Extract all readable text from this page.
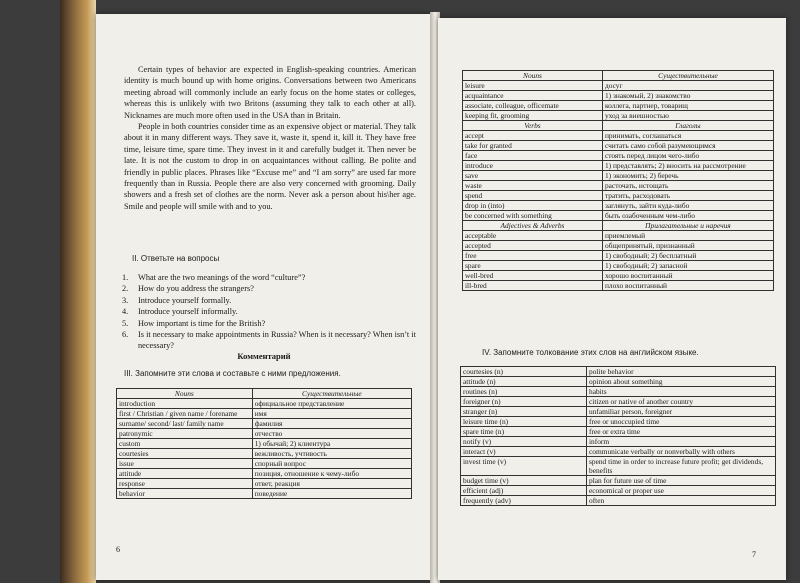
Certain types of behavior are expected in English-speaking countries. American identity is much bound up with home origins. Conversations between two Americans meeting abroad will commonly include an early focus on the home states or colleges, whereas this is unlikely with two Britons (assuming they talk to each other at all). Nicknames are much more often used in the USA than in Britain.

People in both countries consider time as an expensive object or material. They talk about it in many different ways. They save it, waste it, spend it, kill it. They have free time, leisure time, spare time. They invest in it and carefully budget it. Then never be late. It is not the custom to drop in on acquaintances without calling. Be polite and friendly in public places. Phrases like “Excuse me” and “I am sorry” are used far more frequently than in Russia. People there are also very concerned with grooming. Daily showers and a fresh set of clothes are the norm. Never ask a person about his\her age. Smile and people will smile with and to you.

II. Ответьте на вопросы
1.	What are the two meanings of the word “culture”?
2.	How do you address the strangers?
3.	Introduce yourself formally.
4.	Introduce yourself informally.
5.	How important is time for the British?
6.	Is it necessary to make appointments in Russia? When is it necessary? When isn’t it necessary?
Комментарий
III. Запомните эти слова и составьте с ними предложения.
Nouns	Существительные
introduction	официальное представление
first / Christian / given name / forename	имя
surname/ second/ last/ family name	фамилия
patronymic	отчество
custom	1) обычай; 2) клиентура
courtesies	вежливость, учтивость
issue	спорный вопрос
attitude	позиция, отношение к чему-либо
response	ответ, реакция
behavior	поведение
6
Nouns	Существительные
leisure	досуг
acquaintance	1) знакомый, 2) знакомство
associate, colleague, officemate	коллега, партнер, товарищ
keeping fit, grooming	уход за внешностью
Verbs	Глаголы
accept	принимать, соглашаться
take for granted	считать само собой разумеющимся
face	стоять перед лицом чего-либо
introduce	1) представлять; 2) вносить на рассмотрение
save	1) экономить; 2) беречь
waste	расточать, истощать
spend	тратить, расходовать
drop in (into)	заглянуть, зайти куда-либо
be concerned with something	быть озабоченным чем-либо
Adjectives & Adverbs	Прилагательные и наречия
acceptable	приемлемый
accepted	общепринятый, признанный
free	1) свободный; 2) бесплатный
spare	1) свободный; 2) запасной
well-bred	хорошо воспитанный
ill-bred	плохо воспитанный
IV. Запомните толкование этих слов на английском языке.
courtesies (n)	polite behavior
attitude (n)	opinion about something
routines (n)	habits
foreigner (n)	citizen or native of another country
stranger (n)	unfamiliar person, foreigner
leisure time (n)	free or unoccupied time
spare time (n)	free or extra time
notify (v)	inform
interact (v)	communicate verbally or nonverbally with others
invest time (v)	spend time in order to increase future profit; get dividends, benefits
budget time (v)	plan for future use of time
efficient (adj)	economical or proper use
frequently (adv)	often
7
